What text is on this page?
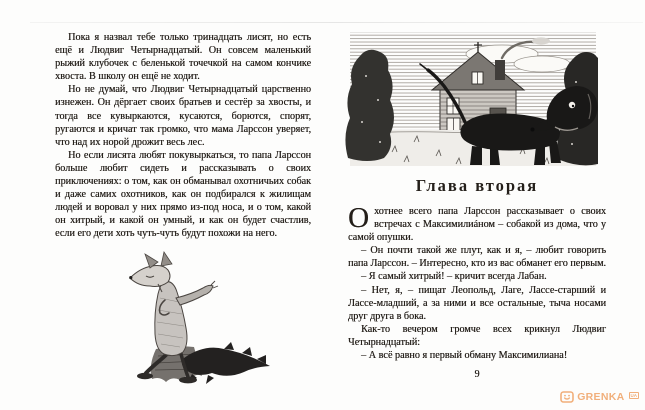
Пока я назвал тебе только тринадцать лисят, но есть ещё и Людвиг Четырнадцатый. Он совсем маленький рыжий клубочек с беленькой точечкой на самом кончике хвоста. В школу он ещё не ходит.

Но не думай, что Людвиг Четырнадцатый царственно изнежен. Он дёргает своих братьев и сестёр за хвосты, и тогда все кувыркаются, кусаются, борются, спорят, ругаются и кричат так громко, что мама Ларссон уверяет, что над их норой дрожит весь лес.

Но если лисята любят покувыркаться, то папа Ларссон больше любит сидеть и рассказывать о своих приключениях: о том, как он обманывал охотничьих собак и даже самих охотников, как он подбирался к жилищам людей и воровал у них прямо из-под носа, и о том, какой он хитрый, и какой он умный, и как он будет счастлив, если его дети хоть чуть-чуть будут похожи на него.

Глава вторая

Охотнее всего папа Ларссон рассказывает о своих встречах с Максимилиáном – собакой из дома, что у самой опушки.

– Он почти такой же плут, как и я, – любит говорить папа Ларссон. – Интересно, кто из вас обманет его первым.

– Я самый хитрый! – кричит всегда Лабан.

– Нет, я, – пищат Леопольд, Лаге, Лассе-старший и Лассе-младший, а за ними и все остальные, тыча носами друг друга в бока.

Как-то вечером громче всех крикнул Людвиг Четырнадцатый:

– А всё равно я первый обману Максимилиана!

9
GRENKA	UA
